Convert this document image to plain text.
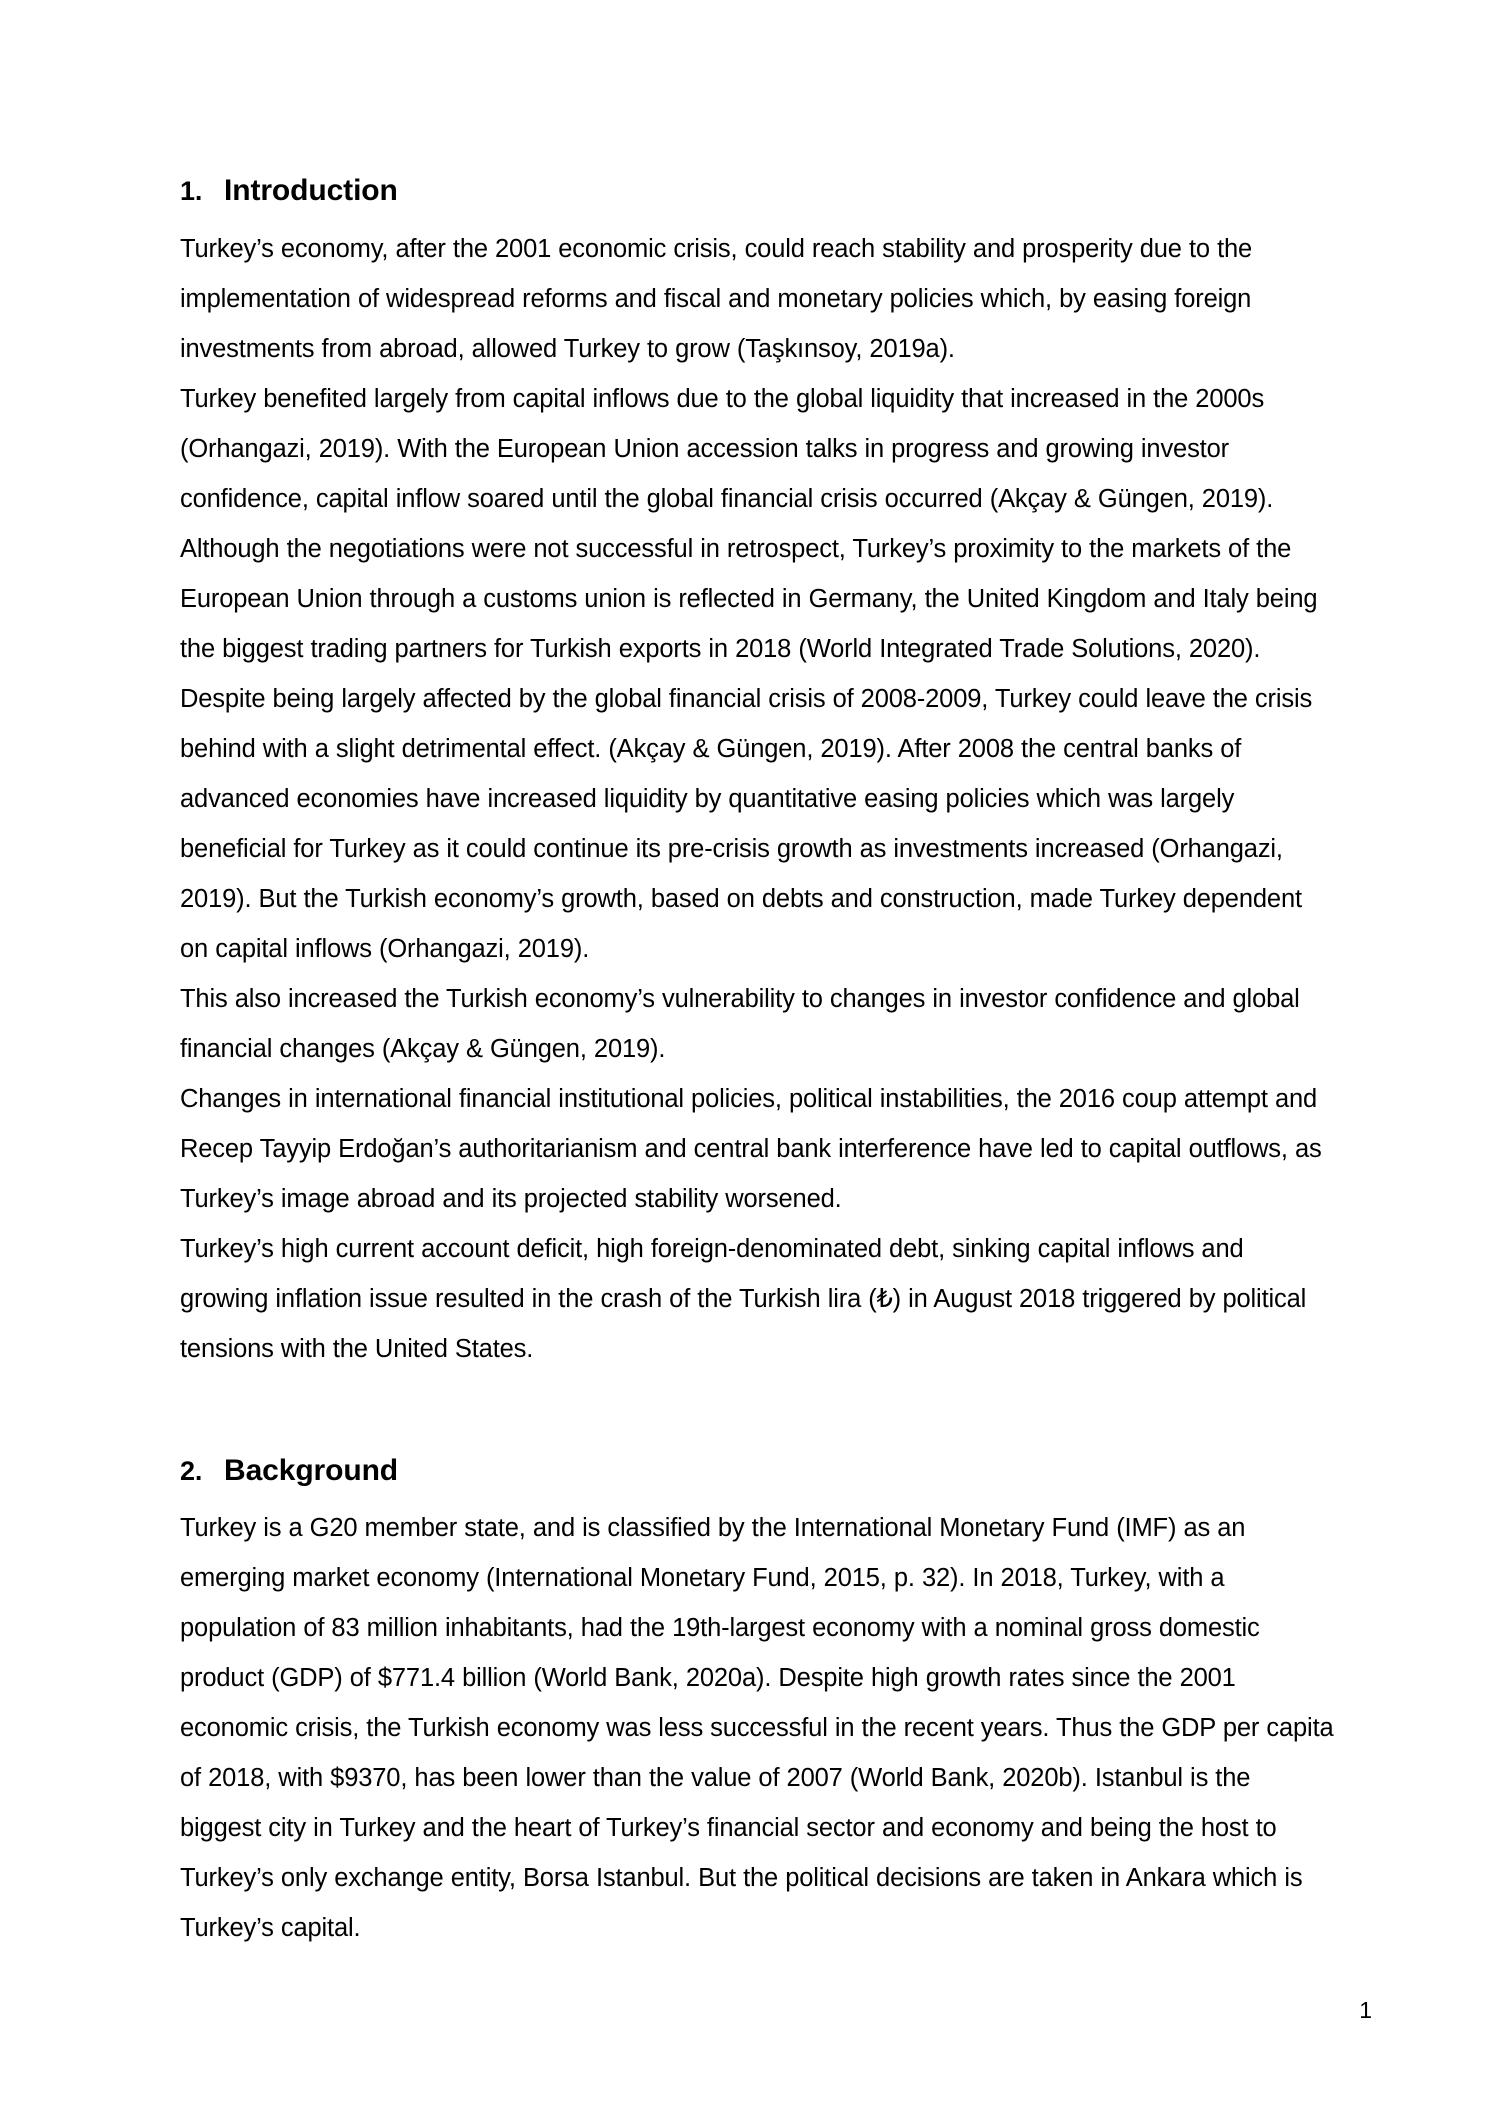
1. Introduction

Turkey’s economy, after the 2001 economic crisis, could reach stability and prosperity due to the implementation of widespread reforms and fiscal and monetary policies which, by easing foreign investments from abroad, allowed Turkey to grow (Taşkınsoy, 2019a).

Turkey benefited largely from capital inflows due to the global liquidity that increased in the 2000s (Orhangazi, 2019). With the European Union accession talks in progress and growing investor confidence, capital inflow soared until the global financial crisis occurred (Akçay & Güngen, 2019). Although the negotiations were not successful in retrospect, Turkey’s proximity to the markets of the European Union through a customs union is reflected in Germany, the United Kingdom and Italy being the biggest trading partners for Turkish exports in 2018 (World Integrated Trade Solutions, 2020).

Despite being largely affected by the global financial crisis of 2008-2009, Turkey could leave the crisis behind with a slight detrimental effect. (Akçay & Güngen, 2019). After 2008 the central banks of advanced economies have increased liquidity by quantitative easing policies which was largely beneficial for Turkey as it could continue its pre-crisis growth as investments increased (Orhangazi, 2019). But the Turkish economy’s growth, based on debts and construction, made Turkey dependent on capital inflows (Orhangazi, 2019).

This also increased the Turkish economy’s vulnerability to changes in investor confidence and global financial changes (Akçay & Güngen, 2019).

Changes in international financial institutional policies, political instabilities, the 2016 coup attempt and Recep Tayyip Erdoğan’s authoritarianism and central bank interference have led to capital outflows, as Turkey’s image abroad and its projected stability worsened.

Turkey’s high current account deficit, high foreign-denominated debt, sinking capital inflows and growing inflation issue resulted in the crash of the Turkish lira (₺) in August 2018 triggered by political tensions with the United States.

2. Background

Turkey is a G20 member state, and is classified by the International Monetary Fund (IMF) as an emerging market economy (International Monetary Fund, 2015, p. 32). In 2018, Turkey, with a population of 83 million inhabitants, had the 19th-largest economy with a nominal gross domestic product (GDP) of $771.4 billion (World Bank, 2020a). Despite high growth rates since the 2001 economic crisis, the Turkish economy was less successful in the recent years. Thus the GDP per capita of 2018, with $9370, has been lower than the value of 2007 (World Bank, 2020b). Istanbul is the biggest city in Turkey and the heart of Turkey’s financial sector and economy and being the host to Turkey’s only exchange entity, Borsa Istanbul. But the political decisions are taken in Ankara which is Turkey’s capital.

1
